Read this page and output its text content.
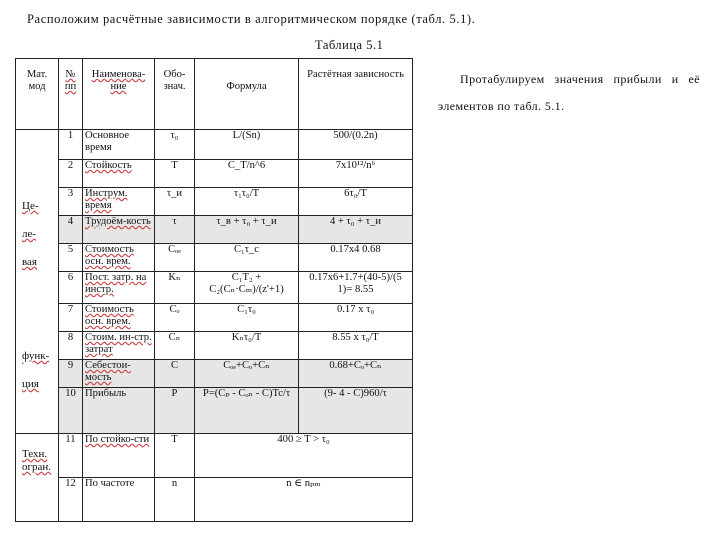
Расположим расчётные зависимости в алгоритмическом порядке (табл. 5.1).
Таблица 5.1
Протабулируем значения прибыли и её элементов по табл. 5.1.
Мат. мод	№ пп	Наименова-ние	Обо-знач.	Формула	Растётная зависность

	1	Основное время	τ₀	L/(Sn)	500/(0.2n)
	2	Стойкость	T	C_T/n^6	7x10¹²/n⁶
	3	Инструм. время	τ_и	τ₁τ₀/T	6τ₀/T
	4	Трудоём-кость	τ	τ_в + τ₀ + τ_и	4 + τ₀ + τ_и
	5	Стоимость осн. врем.	Cₒₑ	C₁τ_с	0.17x4 0.68
	6	Пост. затр. на инстр.	Kₙ	C₁T₂ + C₂(Cₙ·Cₘ)/(z'+1)	0.17x6+1.7+(40-5)/(5 1)= 8.55
	7	Стоимость осн. врем.	Cₒ	C₁τ₀	0.17 x τ₀
	8	Стоим. ин-стр. затрат	Cₙ	Kₙτ₀/T	8.55 x τ₀/T
	9	Себестои-мость	C	Cₒₑ+Cₒ+Cₙ	0.68+Cₒ+Cₙ
	10	Прибыль	P	P=(Cₚ - Cₒₙ - C)Tc/τ	(9- 4 - C)960/τ
	11	По стойко-сти	T	400 ≥ T > τ₀	
	12	По частоте	n	n ∈ nₚₘ	
Це-
ле-
вая
функ-
ция
Техн. огран.
